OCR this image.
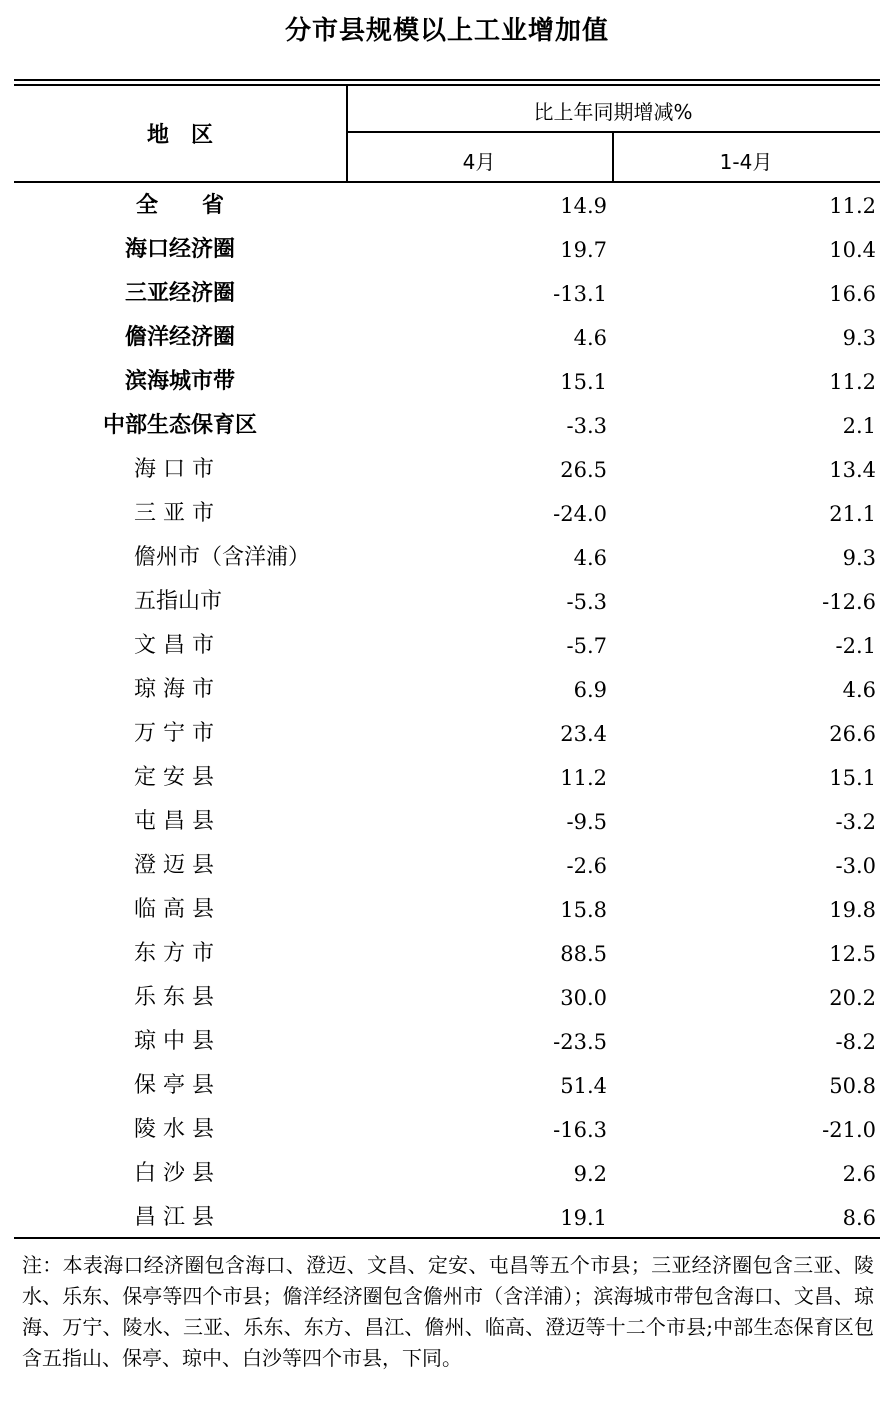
分市县规模以上工业增加值
地　区
比上年同期增减%
4月	1-4月
全　　省	14.9	11.2
海口经济圈	19.7	10.4
三亚经济圈	-13.1	16.6
儋洋经济圈	4.6	9.3
滨海城市带	15.1	11.2
中部生态保育区	-3.3	2.1
海 口 市	26.5	13.4
三 亚 市	-24.0	21.1
儋州市（含洋浦）	4.6	9.3
五指山市	-5.3	-12.6
文 昌 市	-5.7	-2.1
琼 海 市	6.9	4.6
万 宁 市	23.4	26.6
定 安 县	11.2	15.1
屯 昌 县	-9.5	-3.2
澄 迈 县	-2.6	-3.0
临 高 县	15.8	19.8
东 方 市	88.5	12.5
乐 东 县	30.0	20.2
琼 中 县	-23.5	-8.2
保 亭 县	51.4	50.8
陵 水 县	-16.3	-21.0
白 沙 县	9.2	2.6
昌 江 县	19.1	8.6
注：本表海口经济圈包含海口、澄迈、文昌、定安、屯昌等五个市县；三亚经济圈包含三亚、陵水、乐东、保亭等四个市县；儋洋经济圈包含儋州市（含洋浦）；滨海城市带包含海口、文昌、琼海、万宁、陵水、三亚、乐东、东方、昌江、儋州、临高、澄迈等十二个市县;中部生态保育区包含五指山、保亭、琼中、白沙等四个市县，下同。
